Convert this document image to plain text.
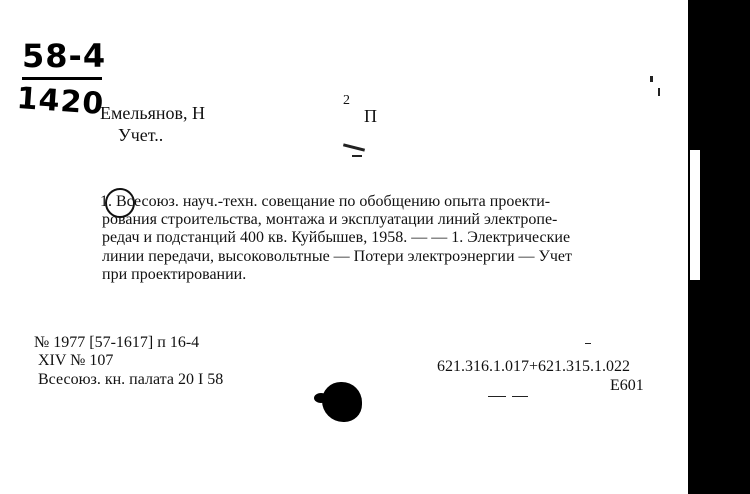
58-4
1420
Емельянов, Н
Учет..
2
П
1. Всесоюз. науч.-техн. совещание по обобщению опыта проекти-
рования строительства, монтажа и эксплуатации линий электропе-
редач и подстанций 400 кв. Куйбышев, 1958. — — 1. Электрические
линии передачи, высоковольтные — Потери электроэнергии — Учет
при проектировании.
№ 1977 [57-1617] п 16-4
XIV № 107
Всесоюз. кн. палата 20 I 58
621.316.1.017+621.315.1.022
Е601
